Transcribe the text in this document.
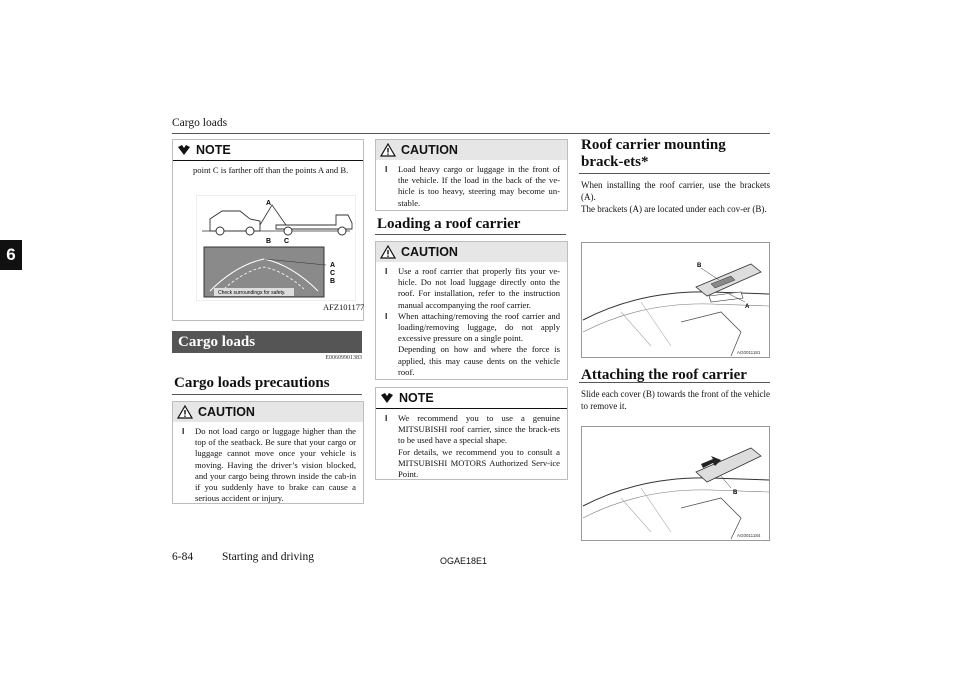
Cargo loads
6
NOTE
point C is farther off than the points A and B.
A
B C
Check surroundings for safety.
A
C
B
AFZ101177
Cargo loads
E00609901383
Cargo loads precautions
CAUTION
l Do not load cargo or luggage higher than the top of the seatback. Be sure that your cargo or luggage cannot move once your vehicle is moving. Having the driver’s vision blocked, and your cargo being thrown inside the cab-in if you suddenly have to brake can cause a serious accident or injury.
CAUTION
l Load heavy cargo or luggage in the front of the vehicle. If the load in the back of the ve-hicle is too heavy, steering may become un-stable.
Loading a roof carrier
CAUTION
l Use a roof carrier that properly fits your ve-hicle. Do not load luggage directly onto the roof. For installation, refer to the instruction manual accompanying the roof carrier.
l When attaching/removing the roof carrier and loading/removing luggage, do not apply excessive pressure on a single point.
Depending on how and where the force is applied, this may cause dents on the vehicle roof.
NOTE
l We recommend you to use a genuine MITSUBISHI roof carrier, since the brack-ets to be used have a special shape.
For details, we recommend you to consult a MITSUBISHI MOTORS Authorized Serv-ice Point.
Roof carrier mounting brack-ets*
When installing the roof carrier, use the brackets (A).
The brackets (A) are located under each cov-er (B).
B
A
AG0011181
Attaching the roof carrier
Slide each cover (B) towards the front of the vehicle to remove it.
B
AG0011184
6-84	Starting and driving	OGAE18E1
